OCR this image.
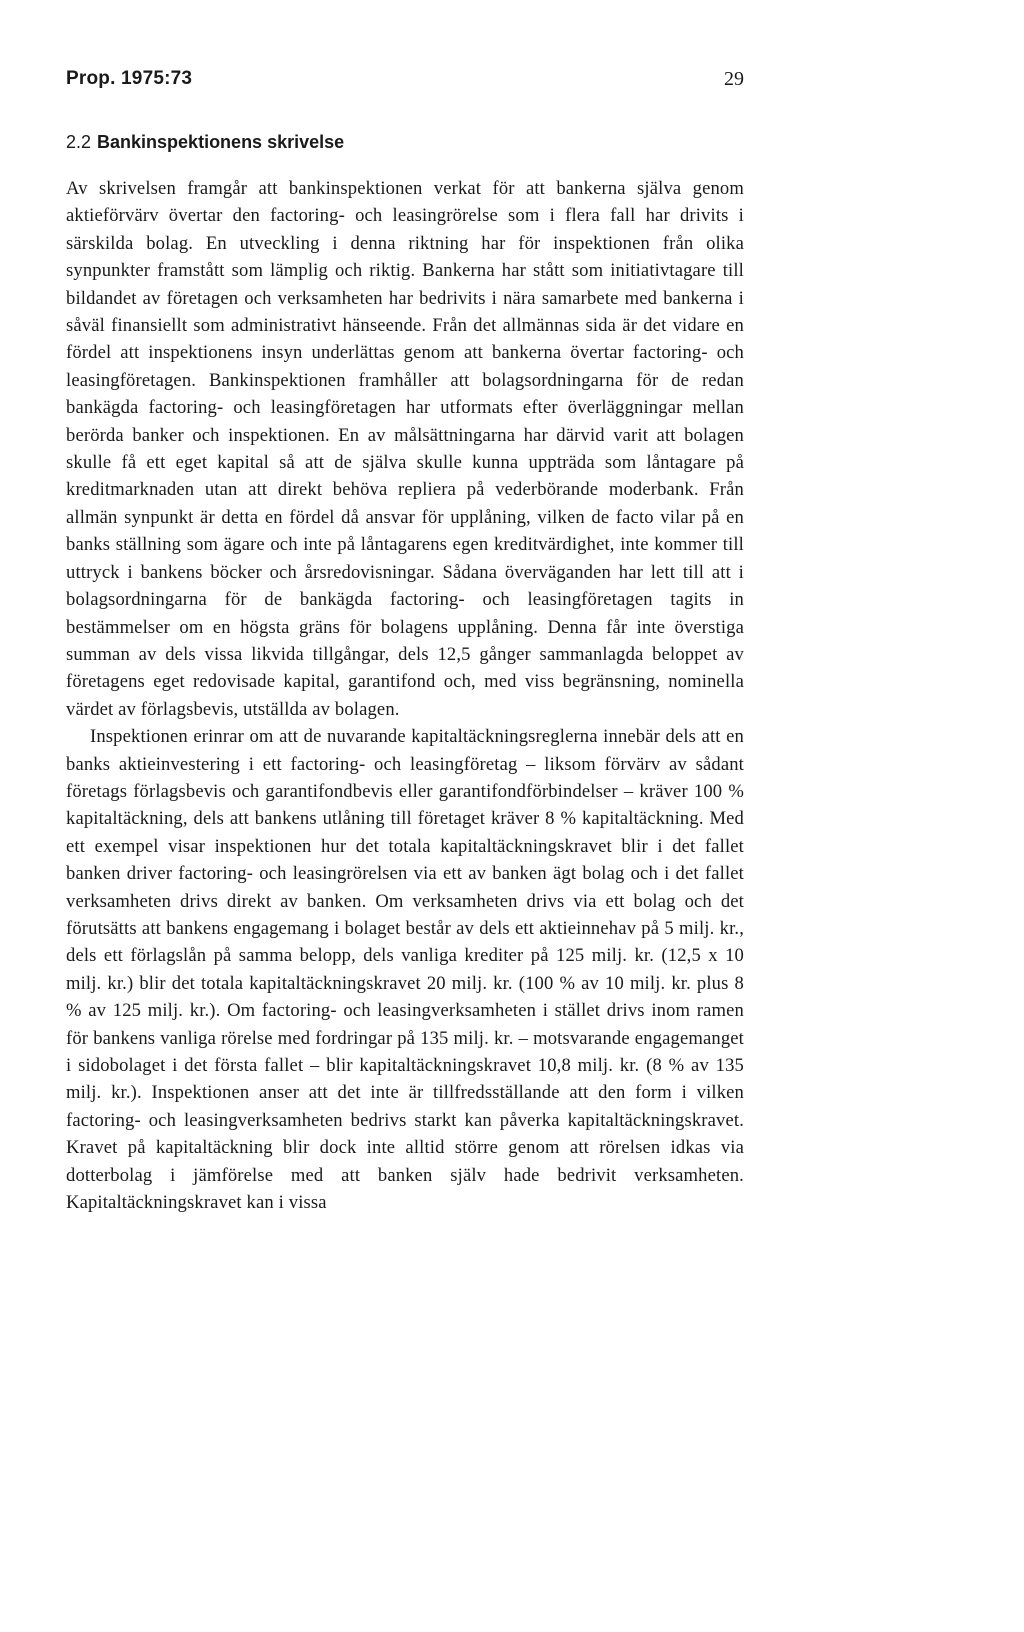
Prop. 1975:73	29
2.2 Bankinspektionens skrivelse

Av skrivelsen framgår att bankinspektionen verkat för att bankerna själva genom aktieförvärv övertar den factoring- och leasingrörelse som i flera fall har drivits i särskilda bolag. En utveckling i denna riktning har för inspektionen från olika synpunkter framstått som lämplig och riktig. Bankerna har stått som initiativtagare till bildandet av företagen och verksamheten har bedrivits i nära samarbete med bankerna i såväl finansiellt som administrativt hänseende. Från det allmännas sida är det vidare en fördel att inspektionens insyn underlättas genom att bankerna övertar factoring- och leasingföretagen. Bankinspektionen framhåller att bolagsordningarna för de redan bankägda factoring- och leasingföretagen har utformats efter överläggningar mellan berörda banker och inspektionen. En av målsättningarna har därvid varit att bolagen skulle få ett eget kapital så att de själva skulle kunna uppträda som låntagare på kreditmarknaden utan att direkt behöva repliera på vederbörande moderbank. Från allmän synpunkt är detta en fördel då ansvar för upplåning, vilken de facto vilar på en banks ställning som ägare och inte på låntagarens egen kreditvärdighet, inte kommer till uttryck i bankens böcker och årsredovisningar. Sådana överväganden har lett till att i bolagsordningarna för de bankägda factoring- och leasingföretagen tagits in bestämmelser om en högsta gräns för bolagens upplåning. Denna får inte överstiga summan av dels vissa likvida tillgångar, dels 12,5 gånger sammanlagda beloppet av företagens eget redovisade kapital, garantifond och, med viss begränsning, nominella värdet av förlagsbevis, utställda av bolagen.

Inspektionen erinrar om att de nuvarande kapitaltäckningsreglerna innebär dels att en banks aktieinvestering i ett factoring- och leasingföretag – liksom förvärv av sådant företags förlagsbevis och garantifondbevis eller garantifondförbindelser – kräver 100 % kapitaltäckning, dels att bankens utlåning till företaget kräver 8 % kapitaltäckning. Med ett exempel visar inspektionen hur det totala kapitaltäckningskravet blir i det fallet banken driver factoring- och leasingrörelsen via ett av banken ägt bolag och i det fallet verksamheten drivs direkt av banken. Om verksamheten drivs via ett bolag och det förutsätts att bankens engagemang i bolaget består av dels ett aktieinnehav på 5 milj. kr., dels ett förlagslån på samma belopp, dels vanliga krediter på 125 milj. kr. (12,5 x 10 milj. kr.) blir det totala kapitaltäckningskravet 20 milj. kr. (100 % av 10 milj. kr. plus 8 % av 125 milj. kr.). Om factoring- och leasingverksamheten i stället drivs inom ramen för bankens vanliga rörelse med fordringar på 135 milj. kr. – motsvarande engagemanget i sidobolaget i det första fallet – blir kapitaltäckningskravet 10,8 milj. kr. (8 % av 135 milj. kr.). Inspektionen anser att det inte är tillfredsställande att den form i vilken factoring- och leasingverksamheten bedrivs starkt kan påverka kapitaltäckningskravet. Kravet på kapitaltäckning blir dock inte alltid större genom att rörelsen idkas via dotterbolag i jämförelse med att banken själv hade bedrivit verksamheten. Kapitaltäckningskravet kan i vissa
